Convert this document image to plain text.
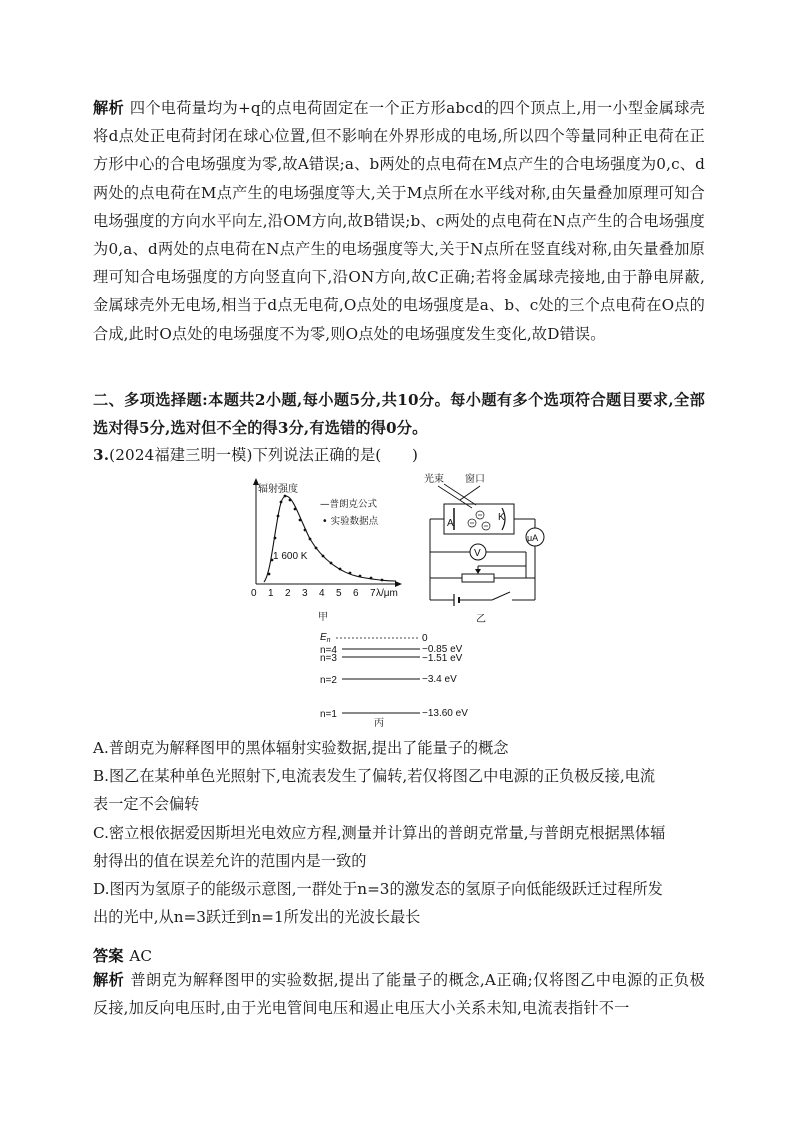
解析 四个电荷量均为+q的点电荷固定在一个正方形abcd的四个顶点上,用一小型金属球壳将d点处正电荷封闭在球心位置,但不影响在外界形成的电场,所以四个等量同种正电荷在正方形中心的合电场强度为零,故A错误;a、b两处的点电荷在M点产生的合电场强度为0,c、d两处的点电荷在M点产生的电场强度等大,关于M点所在水平线对称,由矢量叠加原理可知合电场强度的方向水平向左,沿OM方向,故B错误;b、c两处的点电荷在N点产生的合电场强度为0,a、d两处的点电荷在N点产生的电场强度等大,关于N点所在竖直线对称,由矢量叠加原理可知合电场强度的方向竖直向下,沿ON方向,故C正确;若将金属球壳接地,由于静电屏蔽,金属球壳外无电场,相当于d点无电荷,O点处的电场强度是a、b、c处的三个点电荷在O点的合成,此时O点处的电场强度不为零,则O点处的电场强度发生变化,故D错误。
二、多项选择题:本题共2小题,每小题5分,共10分。每小题有多个选项符合题目要求,全部选对得5分,选对但不全的得3分,有选错的得0分。
3.(2024福建三明一模)下列说法正确的是(　　)
辐射强度
—普朗克公式
• 实验数据点
1 600 K
0 1 2 3 4 5 6 7 λ/μm
甲
光束 窗口
A
K
μA
V
乙
$E_n$	0
n=4	−0.85 eV
n=3	−1.51 eV
n=2	−3.4 eV
n=1	−13.60 eV
丙
A.普朗克为解释图甲的黑体辐射实验数据,提出了能量子的概念
B.图乙在某种单色光照射下,电流表发生了偏转,若仅将图乙中电源的正负极反接,电流
表一定不会偏转
C.密立根依据爱因斯坦光电效应方程,测量并计算出的普朗克常量,与普朗克根据黑体辐
射得出的值在误差允许的范围内是一致的
D.图丙为氢原子的能级示意图,一群处于n=3的激发态的氢原子向低能级跃迁过程所发
出的光中,从n=3跃迁到n=1所发出的光波长最长
答案 AC
解析 普朗克为解释图甲的实验数据,提出了能量子的概念,A正确;仅将图乙中电源的正负极反接,加反向电压时,由于光电管间电压和遏止电压大小关系未知,电流表指针不一
